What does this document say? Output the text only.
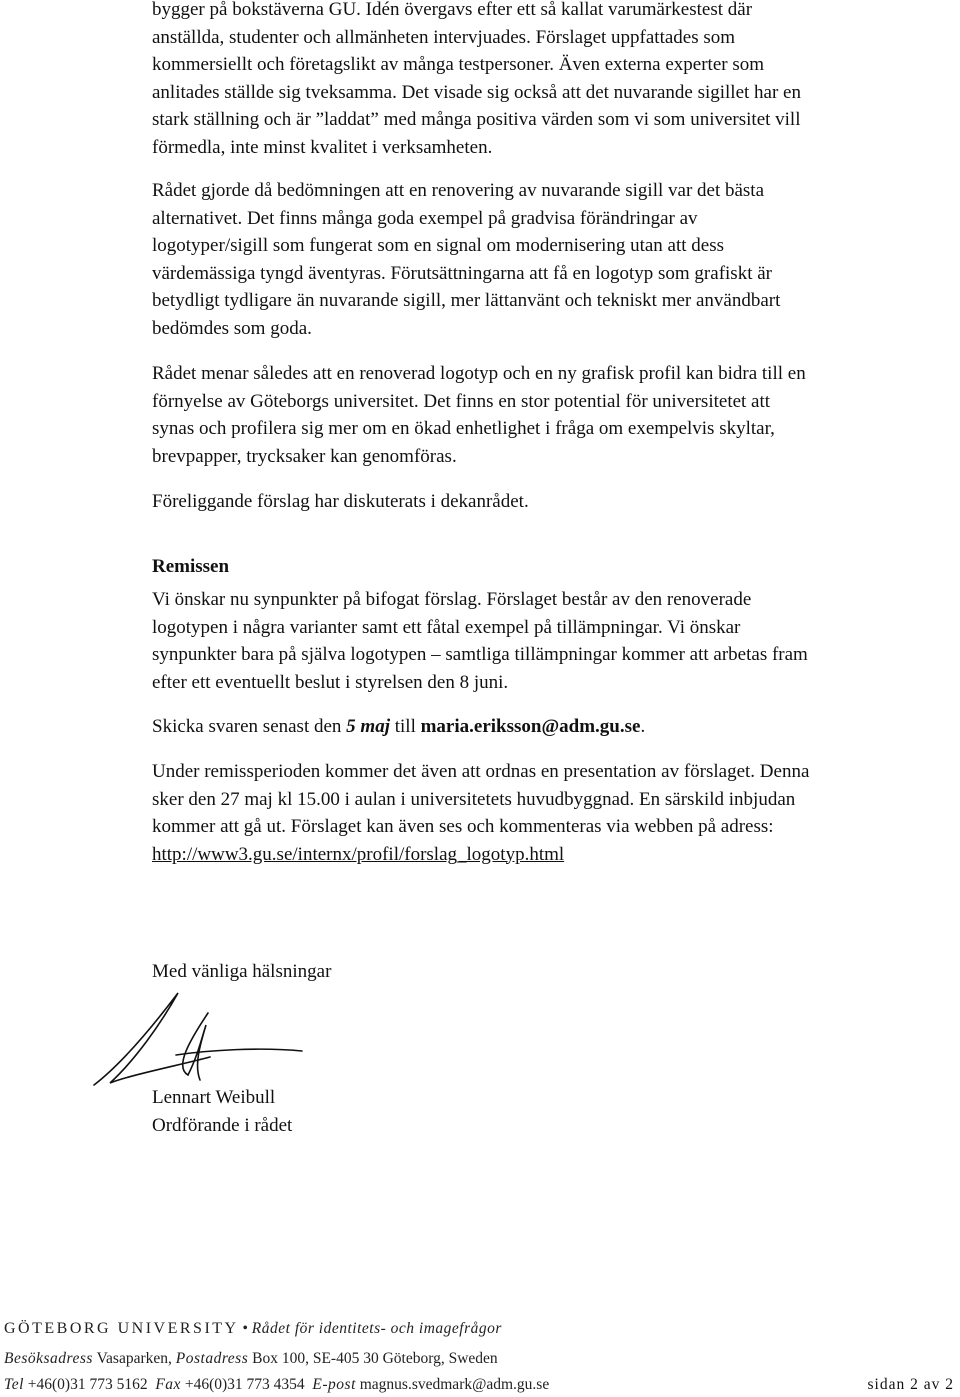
bygger på bokstäverna GU. Idén övergavs efter ett så kallat varumärkestest där anställda, studenter och allmänheten intervjuades. Förslaget uppfattades som kommersiellt och företagslikt av många testpersoner. Även externa experter som anlitades ställde sig tveksamma. Det visade sig också att det nuvarande sigillet har en stark ställning och är ”laddat” med många positiva värden som vi som universitet vill förmedla, inte minst kvalitet i verksamheten.

Rådet gjorde då bedömningen att en renovering av nuvarande sigill var det bästa alternativet. Det finns många goda exempel på gradvisa förändringar av logotyper/sigill som fungerat som en signal om modernisering utan att dess värdemässiga tyngd äventyras. Förutsättningarna att få en logotyp som grafiskt är betydligt tydligare än nuvarande sigill, mer lättanvänt och tekniskt mer användbart bedömdes som goda.

Rådet menar således att en renoverad logotyp och en ny grafisk profil kan bidra till en förnyelse av Göteborgs universitet. Det finns en stor potential för universitetet att synas och profilera sig mer om en ökad enhetlighet i fråga om exempelvis skyltar, brevpapper, trycksaker kan genomföras.

Föreliggande förslag har diskuterats i dekanrådet.

Remissen

Vi önskar nu synpunkter på bifogat förslag. Förslaget består av den renoverade logotypen i några varianter samt ett fåtal exempel på tillämpningar. Vi önskar synpunkter bara på själva logotypen – samtliga tillämpningar kommer att arbetas fram efter ett eventuellt beslut i styrelsen den 8 juni.

Skicka svaren senast den 5 maj till maria.eriksson@adm.gu.se.

Under remissperioden kommer det även att ordnas en presentation av förslaget. Denna sker den 27 maj kl 15.00 i aulan i universitetets huvudbyggnad. En särskild inbjudan kommer att gå ut. Förslaget kan även ses och kommenteras via webben på adress:
http://www3.gu.se/internx/profil/forslag_logotyp.html

Med vänliga hälsningar

Lennart Weibull

Ordförande i rådet

GÖTEBORG UNIVERSITY • Rådet för identitets- och imagefrågor
Besöksadress Vasaparken, Postadress Box 100, SE-405 30 Göteborg, Sweden
Tel +46(0)31 773 5162 Fax +46(0)31 773 4354 E-post magnus.svedmark@adm.gu.se	sidan 2 av 2
